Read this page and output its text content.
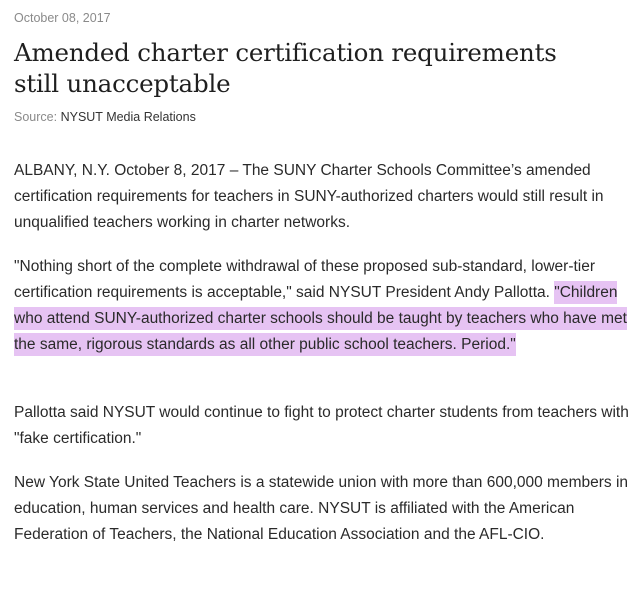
October 08, 2017
Amended charter certification requirements
still unacceptable
Source: NYSUT Media Relations

ALBANY, N.Y. October 8, 2017 – The SUNY Charter Schools Committee’s amended certification requirements for teachers in SUNY-authorized charters would still result in unqualified teachers working in charter networks.

"Nothing short of the complete withdrawal of these proposed sub-standard, lower-tier certification requirements is acceptable," said NYSUT President Andy Pallotta. "Children who attend SUNY-authorized charter schools should be taught by teachers who have met the same, rigorous standards as all other public school teachers. Period."

Pallotta said NYSUT would continue to fight to protect charter students from teachers with "fake certification."

New York State United Teachers is a statewide union with more than 600,000 members in education, human services and health care. NYSUT is affiliated with the American Federation of Teachers, the National Education Association and the AFL-CIO.
